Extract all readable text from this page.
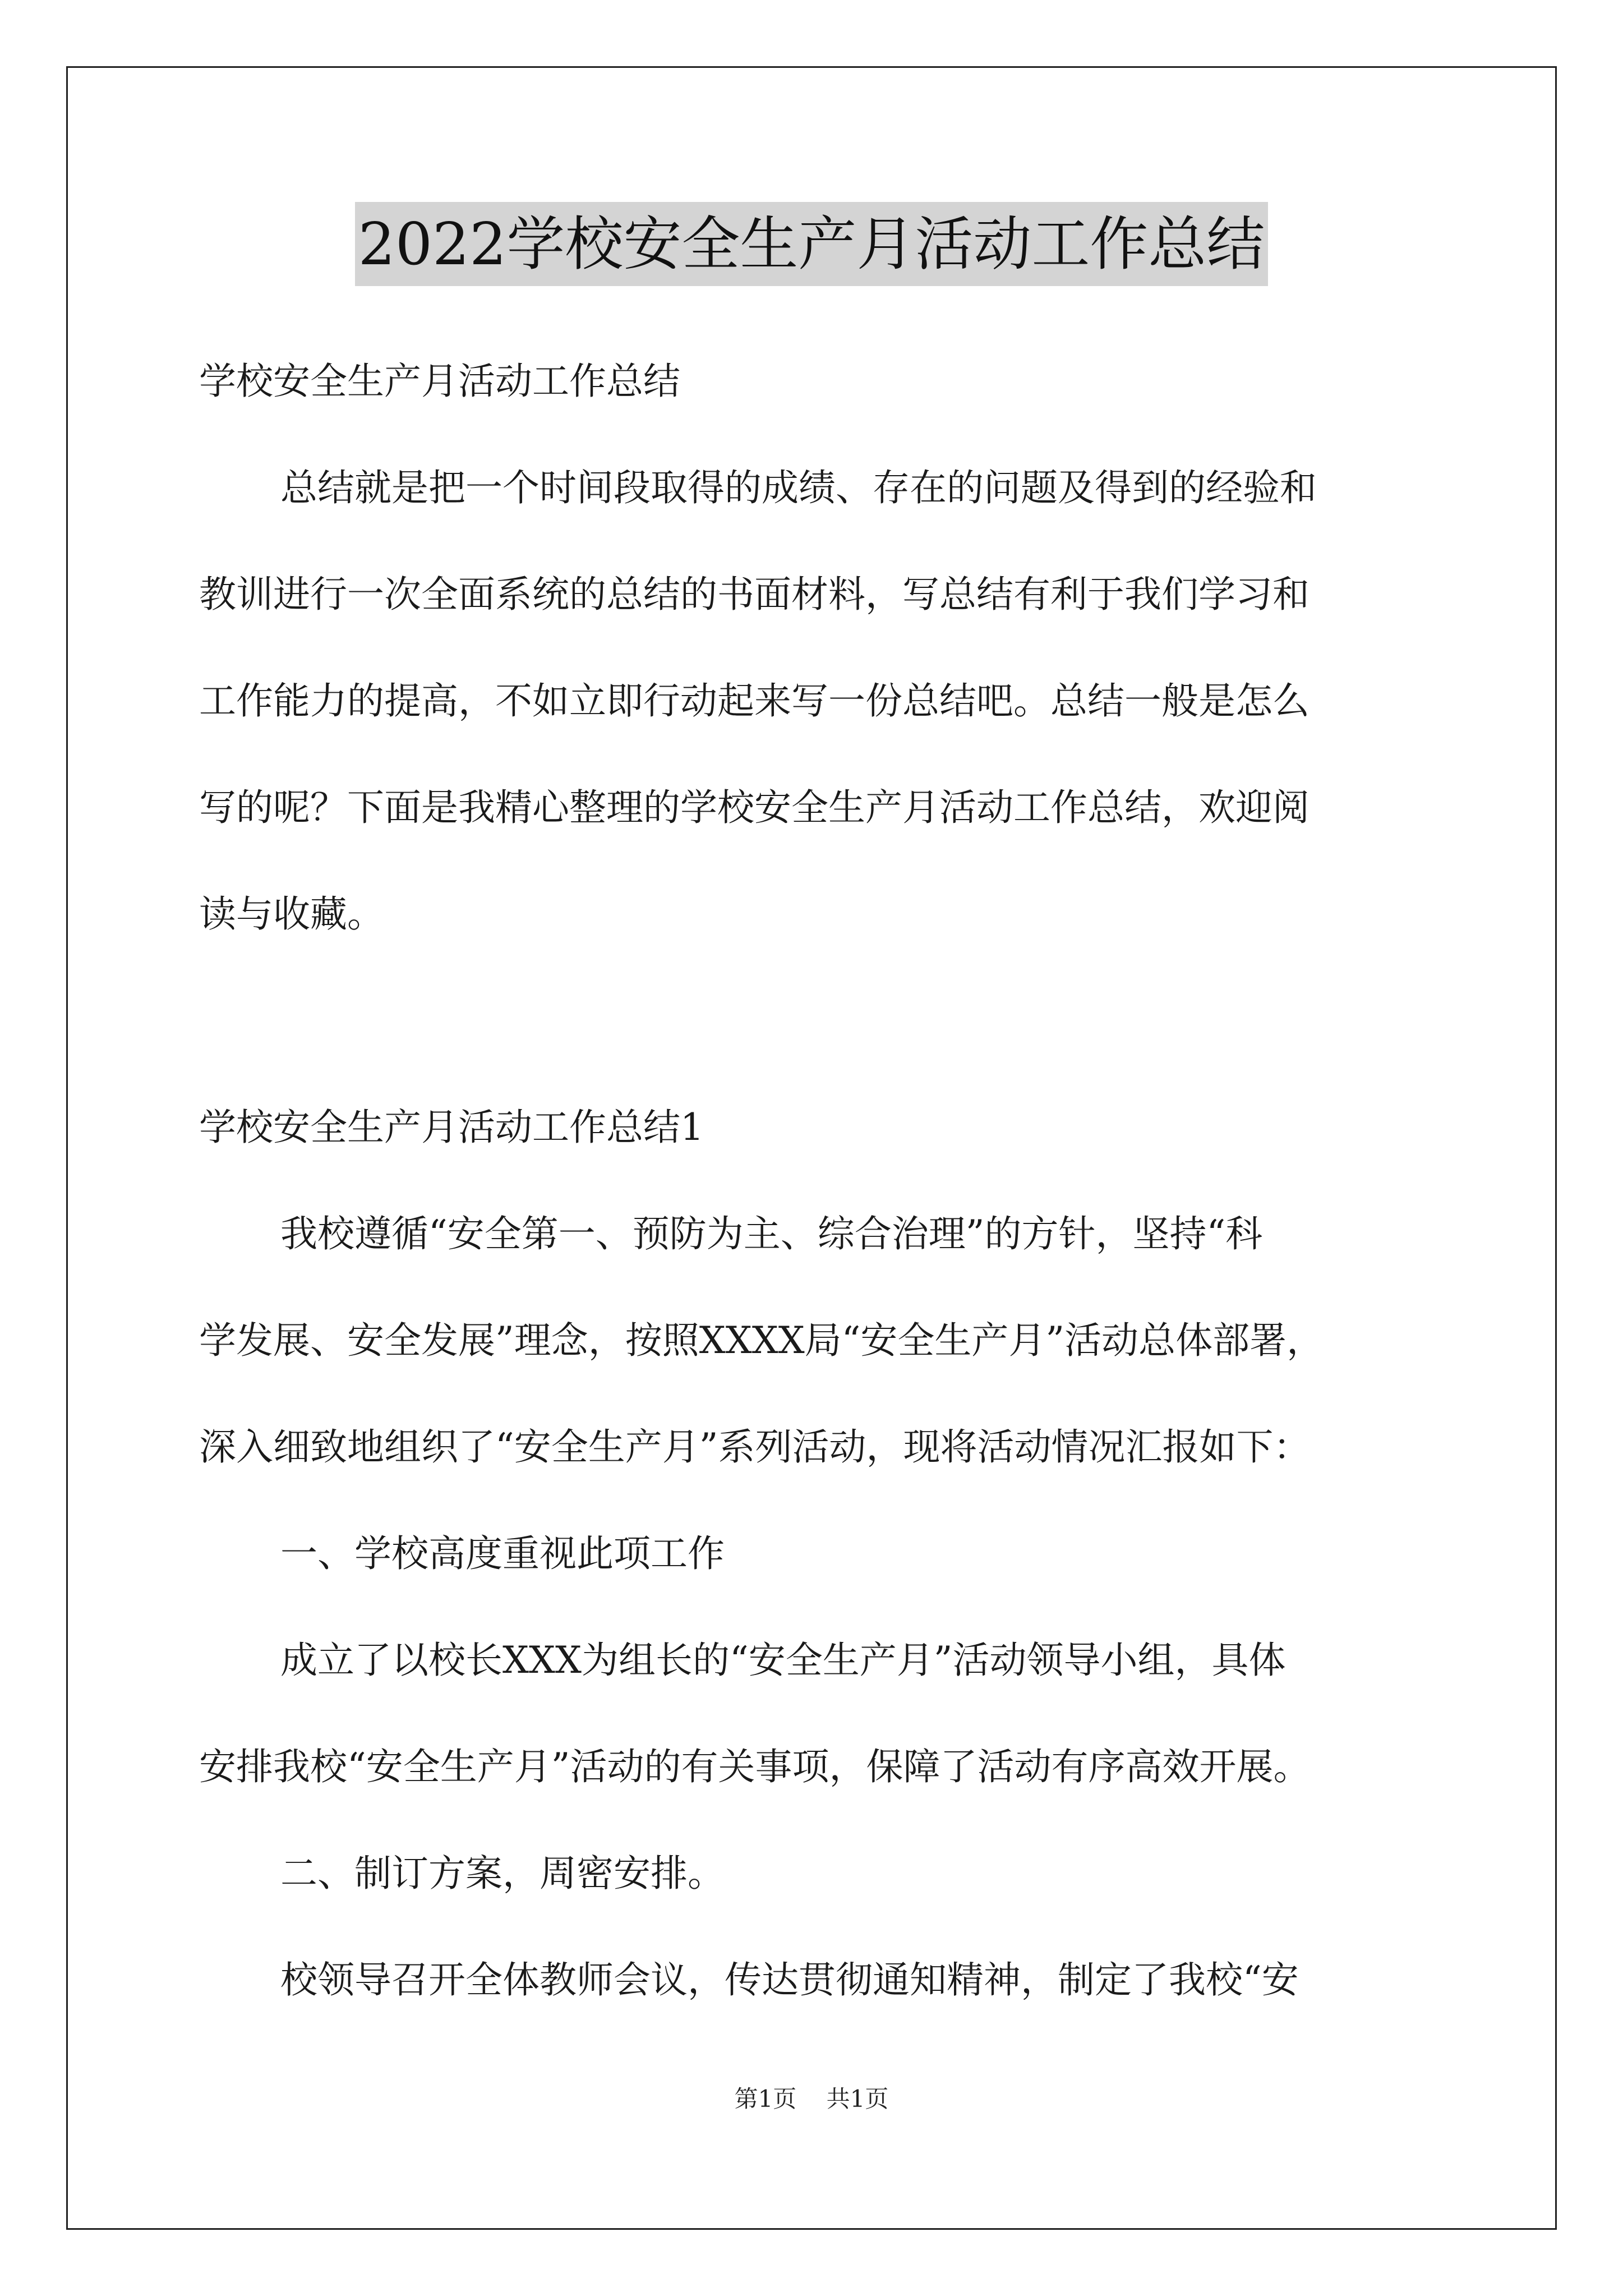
2022学校安全生产月活动工作总结
学校安全生产月活动工作总结
总结就是把一个时间段取得的成绩、存在的问题及得到的经验和
教训进行一次全面系统的总结的书面材料，写总结有利于我们学习和
工作能力的提高，不如立即行动起来写一份总结吧。总结一般是怎么
写的呢？下面是我精心整理的学校安全生产月活动工作总结，欢迎阅
读与收藏。
学校安全生产月活动工作总结1
我校遵循“安全第一、预防为主、综合治理”的方针，坚持“科
学发展、安全发展”理念，按照XXXX局“安全生产月”活动总体部署，
深入细致地组织了“安全生产月”系列活动，现将活动情况汇报如下：
一、学校高度重视此项工作
成立了以校长XXX为组长的“安全生产月”活动领导小组，具体
安排我校“安全生产月”活动的有关事项，保障了活动有序高效开展。
二、制订方案，周密安排。
校领导召开全体教师会议，传达贯彻通知精神，制定了我校“安
第1页 共1页
